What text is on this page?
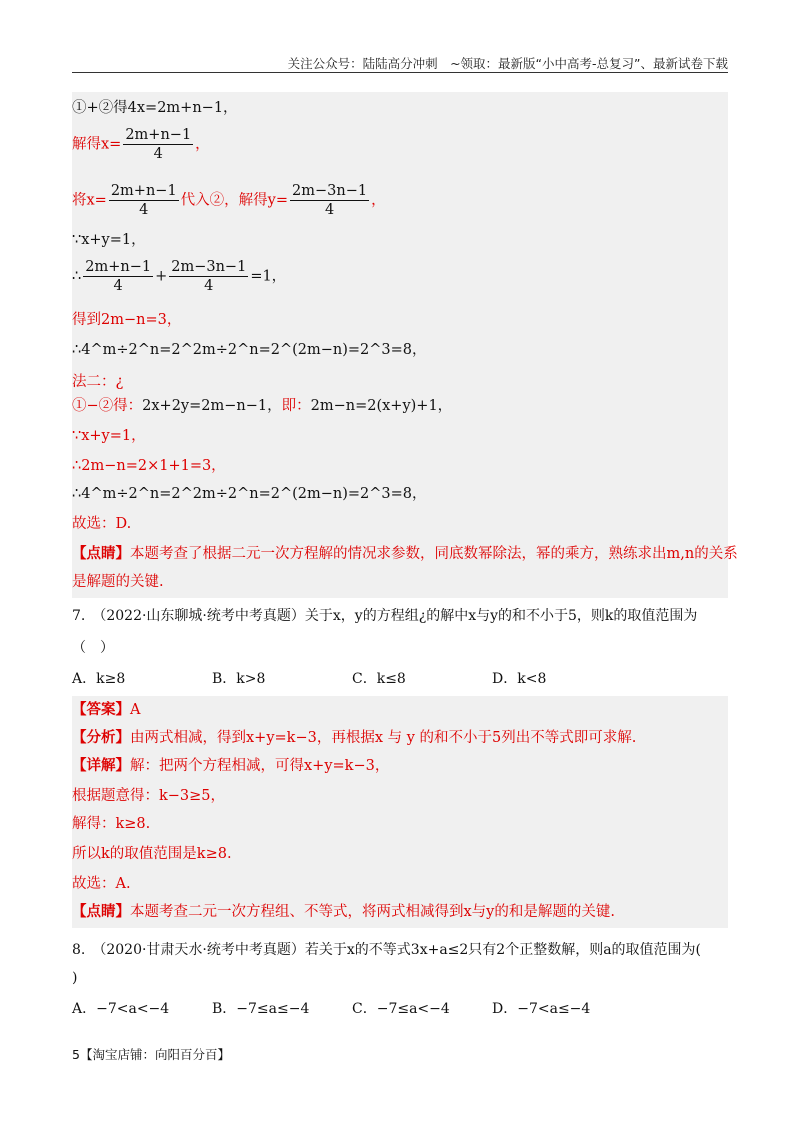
关注公众号：陆陆高分冲刺　~领取：最新版“小中高考-总复习”、最新试卷下载
①+②得4x=2m+n−1，
解得$x= \frac{2m+n-1}{4}$ ，
将$x= \frac{2m+n-1}{4}$ 代入②，解得$y= \frac{2m-3n-1}{4}$ ，
∵x+y=1，
∴ $\frac{2m+n-1}{4} + \frac{2m-3n-1}{4} =1$，
得到2m−n=3，
∴4^m÷2^n=2^2m÷2^n=2^(2m−n)=2^3=8，
法二：¿
①−②得：2x+2y=2m−n−1，即：2m−n=2(x+y)+1，
∵x+y=1，
∴2m−n=2×1+1=3，
∴4^m÷2^n=2^2m÷2^n=2^(2m−n)=2^3=8，
故选：D.
【点睛】本题考查了根据二元一次方程解的情况求参数，同底数幂除法，幂的乘方，熟练求出m,n的关系
是解题的关键.
7.　（2022·山东聊城·统考中考真题）关于x，y的方程组¿的解中x与y的和不小于5，则k的取值范围为
（　）
A．k≥8	B．k>8	C．k≤8	D．k<8
【答案】A
【分析】由两式相减，得到x+y=k−3，再根据x 与 y 的和不小于5列出不等式即可求解.
【详解】解：把两个方程相减，可得x+y=k−3，
根据题意得：k−3≥5，
解得：k≥8.
所以k的取值范围是k≥8.
故选：A.
【点睛】本题考查二元一次方程组、不等式，将两式相减得到x与y的和是解题的关键.
8.　（2020·甘肃天水·统考中考真题）若关于x的不等式3x+a≤2只有2个正整数解，则a的取值范围为(
)
A．−7<a<−4	B．−7≤a≤−4	C．−7≤a<−4	D．−7<a≤−4
5【淘宝店铺：向阳百分百】
